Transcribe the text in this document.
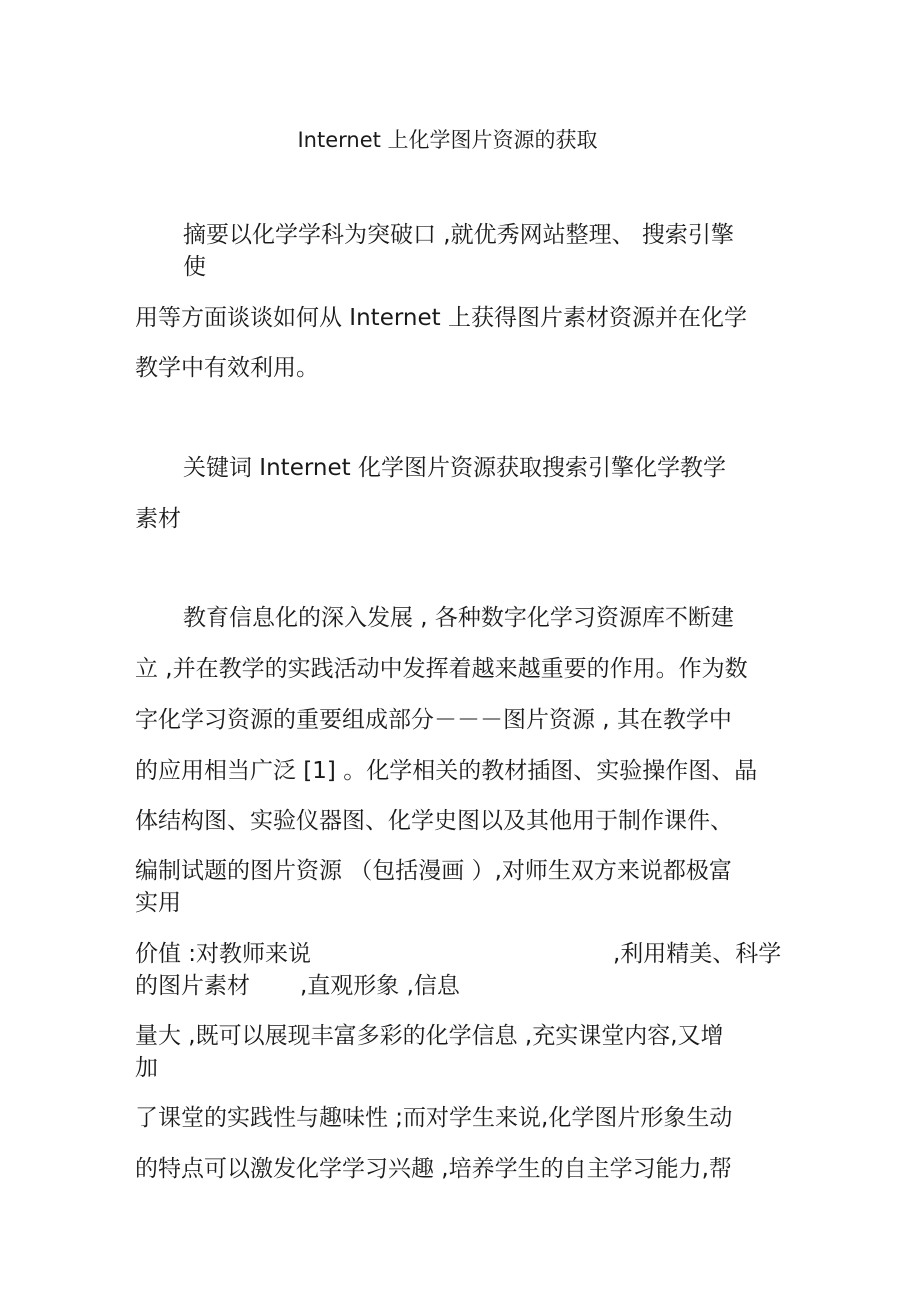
Internet 上化学图片资源的获取
摘要以化学学科为突破口 ,就优秀网站整理、 搜索引擎
使
用等方面谈谈如何从 Internet 上获得图片素材资源并在化学
教学中有效利用。
关键词 Internet 化学图片资源获取搜索引擎化学教学
素材
教育信息化的深入发展 , 各种数字化学习资源库不断建
立 ,并在教学的实践活动中发挥着越来越重要的作用。作为数
字化学习资源的重要组成部分－－－图片资源 , 其在教学中
的应用相当广泛 [1] 。化学相关的教材插图、实验操作图、晶
体结构图、实验仪器图、化学史图以及其他用于制作课件、
编制试题的图片资源 （包括漫画 ）,对师生双方来说都极富
实用
价值 :对教师来说	,利用精美、科学
的图片素材 ,直观形象 ,信息
量大 ,既可以展现丰富多彩的化学信息 ,充实课堂内容,又增
加
了课堂的实践性与趣味性 ;而对学生来说,化学图片形象生动
的特点可以激发化学学习兴趣 ,培养学生的自主学习能力,帮
